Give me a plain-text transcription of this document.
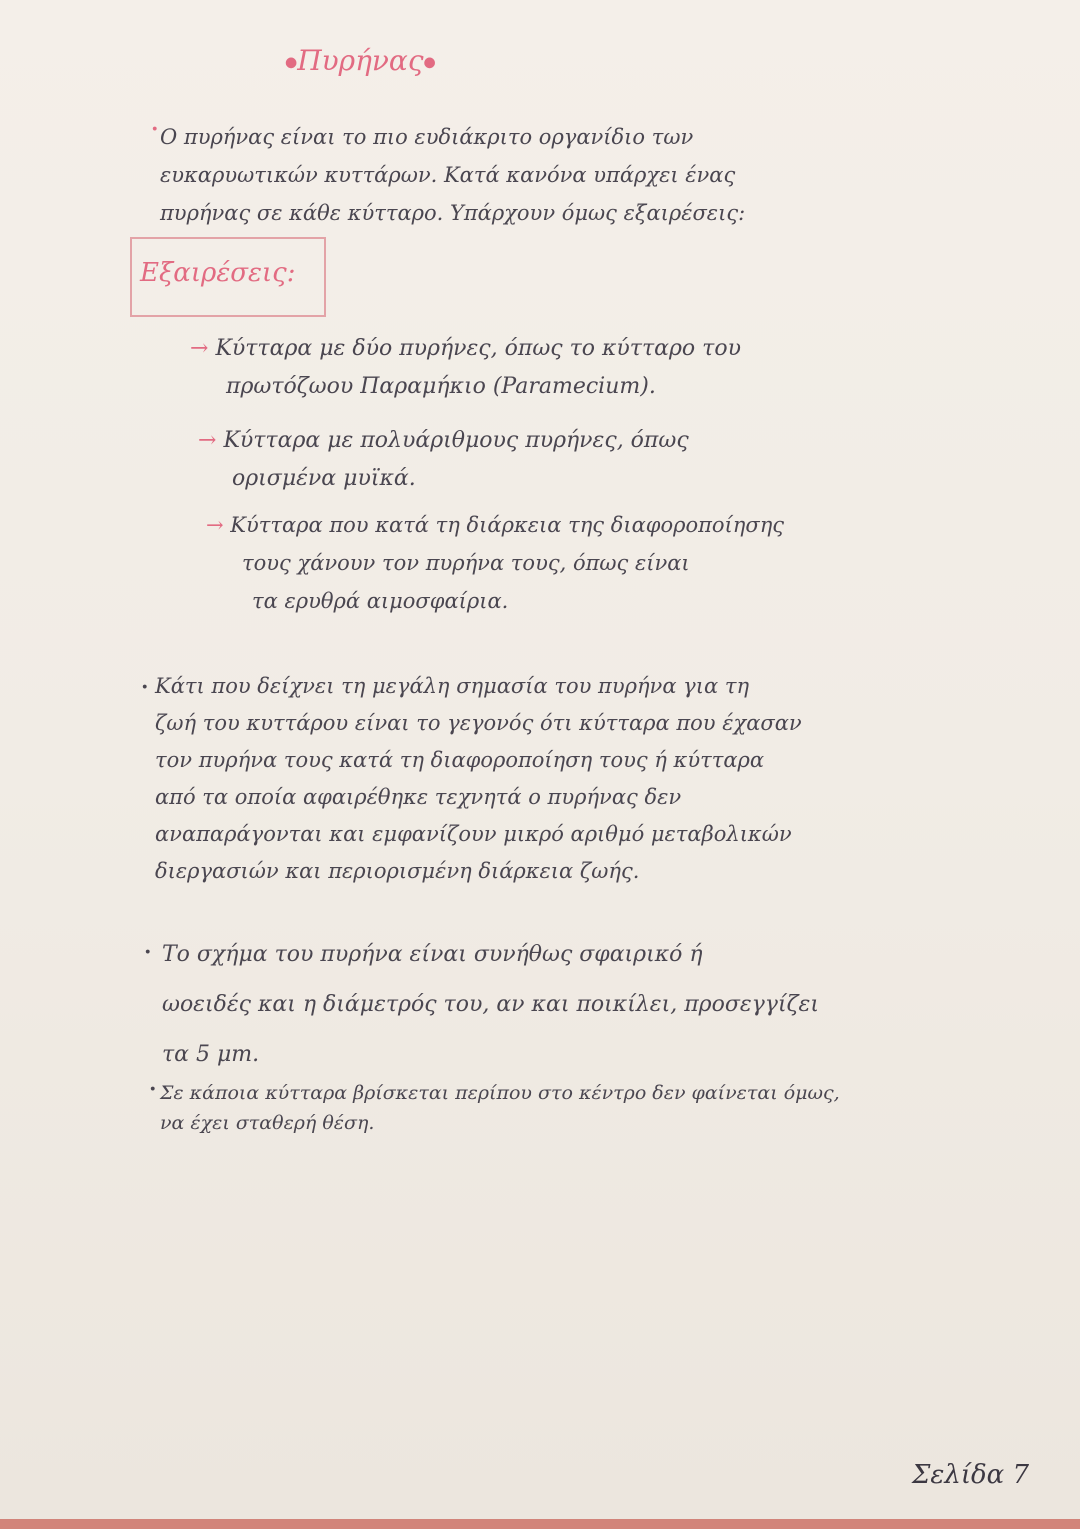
●Πυρήνας●
· Ο πυρήνας είναι το πιο ευδιάκριτο οργανίδιο των
ευκαρυωτικών κυττάρων. Κατά κανόνα υπάρχει ένας
πυρήνας σε κάθε κύτταρο. Υπάρχουν όμως εξαιρέσεις:
Εξαιρέσεις:
→ Κύτταρα με δύο πυρήνες, όπως το κύτταρο του
πρωτόζωου Παραμήκιο (Paramecium).
→ Κύτταρα με πολυάριθμους πυρήνες, όπως
ορισμένα μυϊκά.
→ Κύτταρα που κατά τη διάρκεια της διαφοροποίησης
τους χάνουν τον πυρήνα τους, όπως είναι
τα ερυθρά αιμοσφαίρια.
· Κάτι που δείχνει τη μεγάλη σημασία του πυρήνα για τη
ζωή του κυττάρου είναι το γεγονός ότι κύτταρα που έχασαν
τον πυρήνα τους κατά τη διαφοροποίηση τους ή κύτταρα
από τα οποία αφαιρέθηκε τεχνητά ο πυρήνας δεν
αναπαράγονται και εμφανίζουν μικρό αριθμό μεταβολικών
διεργασιών και περιορισμένη διάρκεια ζωής.
· Το σχήμα του πυρήνα είναι συνήθως σφαιρικό ή
ωοειδές και η διάμετρός του, αν και ποικίλει, προσεγγίζει
τα 5 μm.
· Σε κάποια κύτταρα βρίσκεται περίπου στο κέντρο δεν φαίνεται όμως,
να έχει σταθερή θέση.
Σελίδα 7
